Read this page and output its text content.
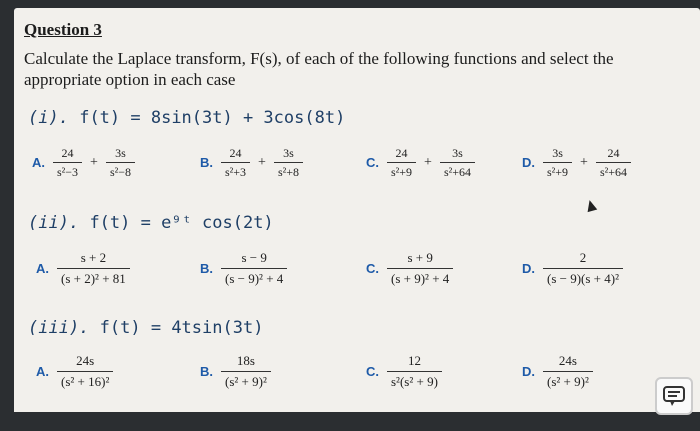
Question 3
Calculate the Laplace transform, F(s), of each of the following functions and select the appropriate option in each case
(i). f(t) = 8sin(3t) + 3cos(8t)
A. $\frac{24}{\text{s²−3}} + \frac{3s}{\text{s²−8}}$	B. $\frac{24}{\text{s²+3}} + \frac{3s}{\text{s²+8}}$	C. $\frac{24}{\text{s²+9}} + \frac{3s}{\text{s²+64}}$	D. $\frac{3s}{\text{s²+9}} + \frac{24}{\text{s²+64}}$
(ii). f(t) = e⁹ᵗ cos(2t)
A. $\frac{s + 2}{\text{(s + 2)² + 81}}$	B. $\frac{s - 9}{\text{(s − 9)² + 4}}$	C. $\frac{s + 9}{\text{(s + 9)² + 4}}$	D. $\frac{2}{\text{(s − 9)(s + 4)²}}$
(iii). f(t) = 4tsin(3t)
A. $\frac{24s}{\text{(s² + 16)²}}$	B. $\frac{18s}{\text{(s² + 9)²}}$	C. $\frac{12}{\text{s²(s² + 9)}}$	D. $\frac{24s}{\text{(s² + 9)²}}$
